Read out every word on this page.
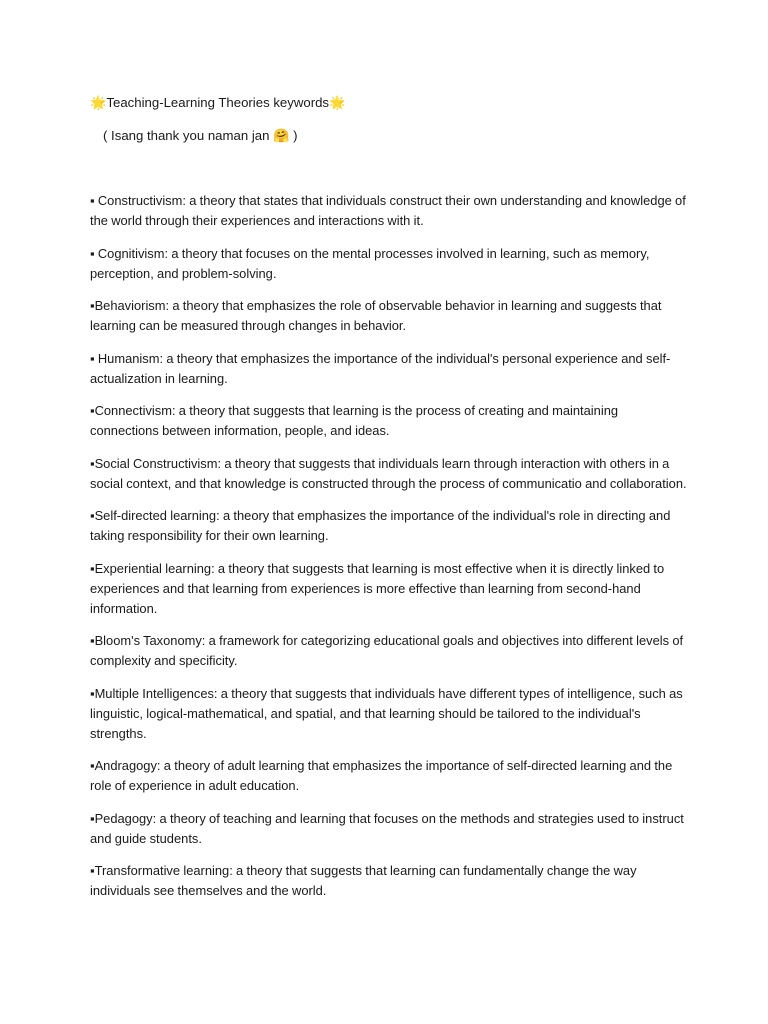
🌟Teaching-Learning Theories keywords🌟
( Isang thank you naman jan 🤗 )

▪ Constructivism: a theory that states that individuals construct their own understanding and knowledge of the world through their experiences and interactions with it.

▪ Cognitivism: a theory that focuses on the mental processes involved in learning, such as memory, perception, and problem-solving.

▪Behaviorism: a theory that emphasizes the role of observable behavior in learning and suggests that learning can be measured through changes in behavior.

▪ Humanism: a theory that emphasizes the importance of the individual's personal experience and self-actualization in learning.

▪Connectivism: a theory that suggests that learning is the process of creating and maintaining connections between information, people, and ideas.

▪Social Constructivism: a theory that suggests that individuals learn through interaction with others in a social context, and that knowledge is constructed through the process of communicatio and collaboration.

▪Self-directed learning: a theory that emphasizes the importance of the individual's role in directing and taking responsibility for their own learning.

▪Experiential learning: a theory that suggests that learning is most effective when it is directly linked to experiences and that learning from experiences is more effective than learning from second-hand information.

▪Bloom's Taxonomy: a framework for categorizing educational goals and objectives into different levels of complexity and specificity.

▪Multiple Intelligences: a theory that suggests that individuals have different types of intelligence, such as linguistic, logical-mathematical, and spatial, and that learning should be tailored to the individual's strengths.

▪Andragogy: a theory of adult learning that emphasizes the importance of self-directed learning and the role of experience in adult education.

▪Pedagogy: a theory of teaching and learning that focuses on the methods and strategies used to instruct and guide students.

▪Transformative learning: a theory that suggests that learning can fundamentally change the way individuals see themselves and the world.
